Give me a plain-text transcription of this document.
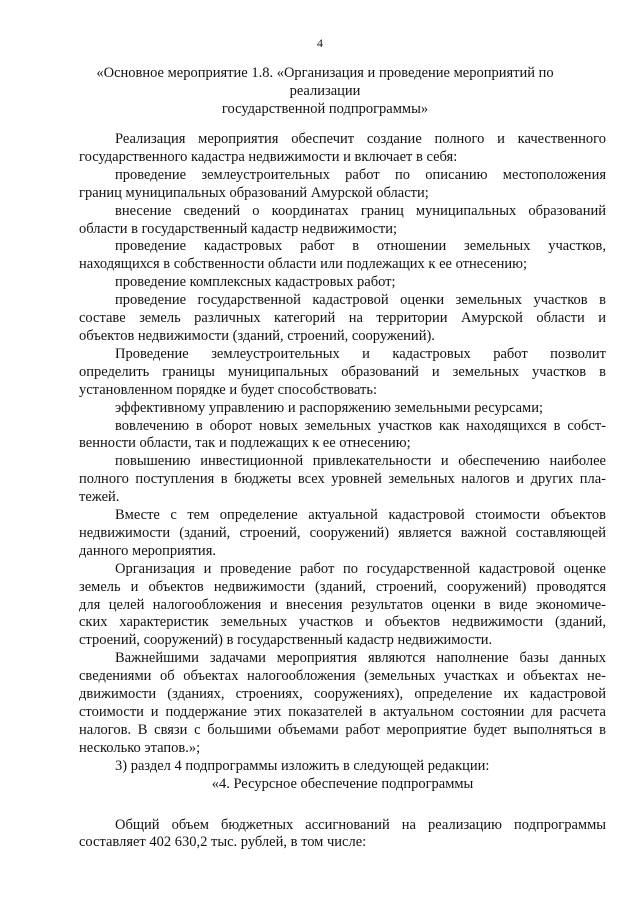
4
«Основное мероприятие 1.8. «Организация и проведение мероприятий по
реализации
государственной подпрограммы»
Реализация мероприятия обеспечит создание полного и качественного
государственного кадастра недвижимости и включает в себя:
проведение землеустроительных работ по описанию местоположения
границ муниципальных образований Амурской области;
внесение сведений о координатах границ муниципальных образований
области в государственный кадастр недвижимости;
проведение кадастровых работ в отношении земельных участков,
находящихся в собственности области или подлежащих к ее отнесению;
проведение комплексных кадастровых работ;
проведение государственной кадастровой оценки земельных участков в
составе земель различных категорий на территории Амурской области и
объектов недвижимости (зданий, строений, сооружений).
Проведение землеустроительных и кадастровых работ позволит
определить границы муниципальных образований и земельных участков в
установленном порядке и будет способствовать:
эффективному управлению и распоряжению земельными ресурсами;
вовлечению в оборот новых земельных участков как находящихся в собст-
венности области, так и подлежащих к ее отнесению;
повышению инвестиционной привлекательности и обеспечению наиболее
полного поступления в бюджеты всех уровней земельных налогов и других пла-
тежей.
Вместе с тем определение актуальной кадастровой стоимости объектов
недвижимости (зданий, строений, сооружений) является важной составляющей
данного мероприятия.
Организация и проведение работ по государственной кадастровой оценке
земель и объектов недвижимости (зданий, строений, сооружений) проводятся
для целей налогообложения и внесения результатов оценки в виде экономиче-
ских характеристик земельных участков и объектов недвижимости (зданий,
строений, сооружений) в государственный кадастр недвижимости.
Важнейшими задачами мероприятия являются наполнение базы данных
сведениями об объектах налогообложения (земельных участках и объектах не-
движимости (зданиях, строениях, сооружениях), определение их кадастровой
стоимости и поддержание этих показателей в актуальном состоянии для расчета
налогов. В связи с большими объемами работ мероприятие будет выполняться в
несколько этапов.»;
3) раздел 4 подпрограммы изложить в следующей редакции:
«4. Ресурсное обеспечение подпрограммы
Общий объем бюджетных ассигнований на реализацию подпрограммы
составляет 402 630,2 тыс. рублей, в том числе:
